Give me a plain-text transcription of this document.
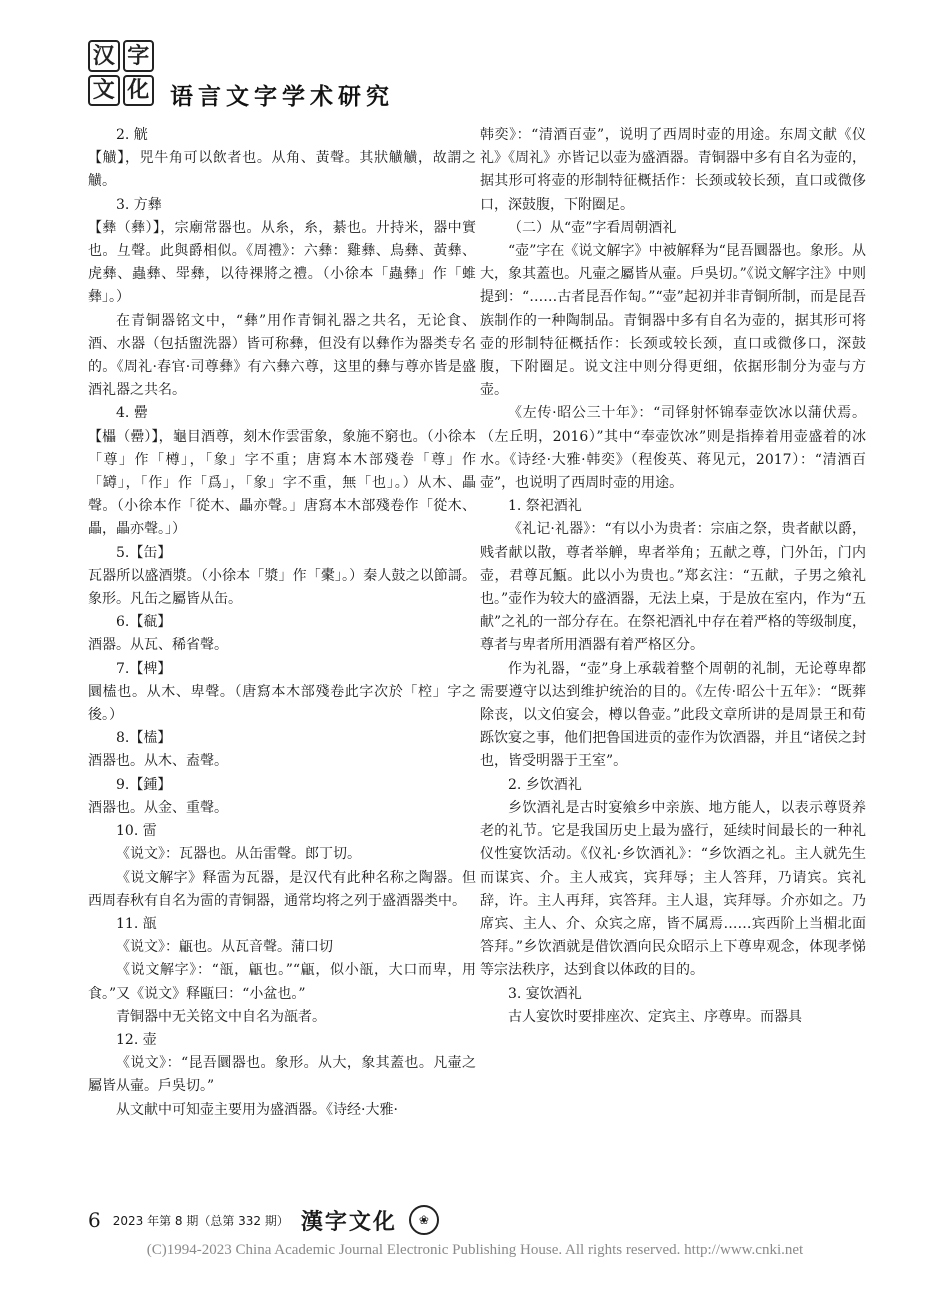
汉 字
文 化 语言文字学术研究

2. 觥

【觵】，兕牛角可以飲者也。从角、黃聲。其狀觵觵，故謂之觵。

3. 方彝

【彝（彝）】，宗廟常器也。从糸，糸，綦也。廾持米，器中實也。彑聲。此與爵相似。《周禮》：六彝：雞彝、鳥彝、黃彝、虎彝、蟲彝、斝彝，以待祼將之禮。（小徐本「蟲彝」作「蜼彝」。）

在青铜器铭文中，“彝”用作青铜礼器之共名，无论食、酒、水器（包括盥洗器）皆可称彝，但没有以彝作为器类专名的。《周礼·春官·司尊彝》有六彝六尊，这里的彝与尊亦皆是盛酒礼器之共名。

4. 罍

【櫑（罍）】，龜目酒尊，刻木作雲雷象，象施不窮也。（小徐本「尊」作「樽」，「象」字不重；唐寫本木部殘卷「尊」作「罇」，「作」作「爲」，「象」字不重，無「也」。）从木、畾聲。（小徐本作「從木、畾亦聲。」唐寫本木部殘卷作「從木、畾，畾亦聲。」）

5.【缶】

瓦器所以盛酒漿。（小徐本「漿」作「㯻」。）秦人鼓之以節謌。象形。凡缶之屬皆从缶。

6.【瓻】

酒器。从瓦、稀省聲。

7.【椑】

圜榼也。从木、卑聲。（唐寫本木部殘卷此字次於「椌」字之後。）

8.【榼】

酒器也。从木、盍聲。

9.【鍾】

酒器也。从金、重聲。

10. 䨓

《说文》：瓦器也。从缶雷聲。郎丁切。

《说文解字》释䨓为瓦器，是汉代有此种名称之陶器。但西周春秋有自名为䨓的青铜器，通常均将之列于盛酒器类中。

11. 瓿

《说文》：甂也。从瓦音聲。蒲口切

《说文解字》：“瓿，甂也。”“甂，似小瓿，大口而卑，用食。”又《说文》释甌曰：“小盆也。”

青铜器中无关铭文中自名为瓿者。

12. 壶

《说文》：“昆吾圜器也。象形。从大，象其蓋也。凡壷之屬皆从壷。戶吳切。”

从文献中可知壶主要用为盛酒器。《诗经·大雅·

韩奕》：“清酒百壶”，说明了西周时壶的用途。东周文献《仪礼》《周礼》亦皆记以壶为盛酒器。青铜器中多有自名为壶的，据其形可将壶的形制特征概括作：长颈或较长颈，直口或微侈口，深鼓腹，下附圈足。

（二）从“壶”字看周朝酒礼

“壶”字在《说文解字》中被解释为“昆吾圜器也。象形。从大，象其蓋也。凡壷之屬皆从壷。戶吳切。”《说文解字注》中则提到：“……古者昆吾作匋。”“壶”起初并非青铜所制，而是昆吾族制作的一种陶制品。青铜器中多有自名为壶的，据其形可将壶的形制特征概括作：长颈或较长颈，直口或微侈口，深鼓腹，下附圈足。说文注中则分得更细，依据形制分为壶与方壶。

《左传·昭公三十年》：“司铎射怀锦奉壶饮冰以蒲伏焉。（左丘明，2016）”其中“奉壶饮冰”则是指捧着用壶盛着的冰水。《诗经·大雅·韩奕》（程俊英、蒋见元，2017）：“清酒百壶”，也说明了西周时壶的用途。

1. 祭祀酒礼

《礼记·礼器》：“有以小为贵者：宗庙之祭，贵者献以爵，贱者献以散，尊者举觯，卑者举角；五献之尊，门外缶，门内壶，君尊瓦甒。此以小为贵也。”郑玄注：“五献，子男之飨礼也。”壶作为较大的盛酒器，无法上桌，于是放在室内，作为“五献”之礼的一部分存在。在祭祀酒礼中存在着严格的等级制度，尊者与卑者所用酒器有着严格区分。

作为礼器，“壶”身上承载着整个周朝的礼制，无论尊卑都需要遵守以达到维护统治的目的。《左传·昭公十五年》：“既葬除丧，以文伯宴会，樽以鲁壶。”此段文章所讲的是周景王和荀跞饮宴之事，他们把鲁国进贡的壶作为饮酒器，并且“诸侯之封也，皆受明器于王室”。

2. 乡饮酒礼

乡饮酒礼是古时宴飨乡中亲族、地方能人，以表示尊贤养老的礼节。它是我国历史上最为盛行，延续时间最长的一种礼仪性宴饮活动。《仪礼·乡饮酒礼》：“乡饮酒之礼。主人就先生而谋宾、介。主人戒宾，宾拜辱；主人答拜，乃请宾。宾礼辞，许。主人再拜，宾答拜。主人退，宾拜辱。介亦如之。乃席宾、主人、介、众宾之席，皆不属焉……宾西阶上当楣北面答拜。”乡饮酒就是借饮酒向民众昭示上下尊卑观念，体现孝悌等宗法秩序，达到食以体政的目的。

3. 宴饮酒礼

古人宴饮时要排座次、定宾主、序尊卑。而器具

6 2023 年第 8 期（总第 332 期） 漢字文化	❀
(C)1994-2023 China Academic Journal Electronic Publishing House. All rights reserved. http://www.cnki.net
